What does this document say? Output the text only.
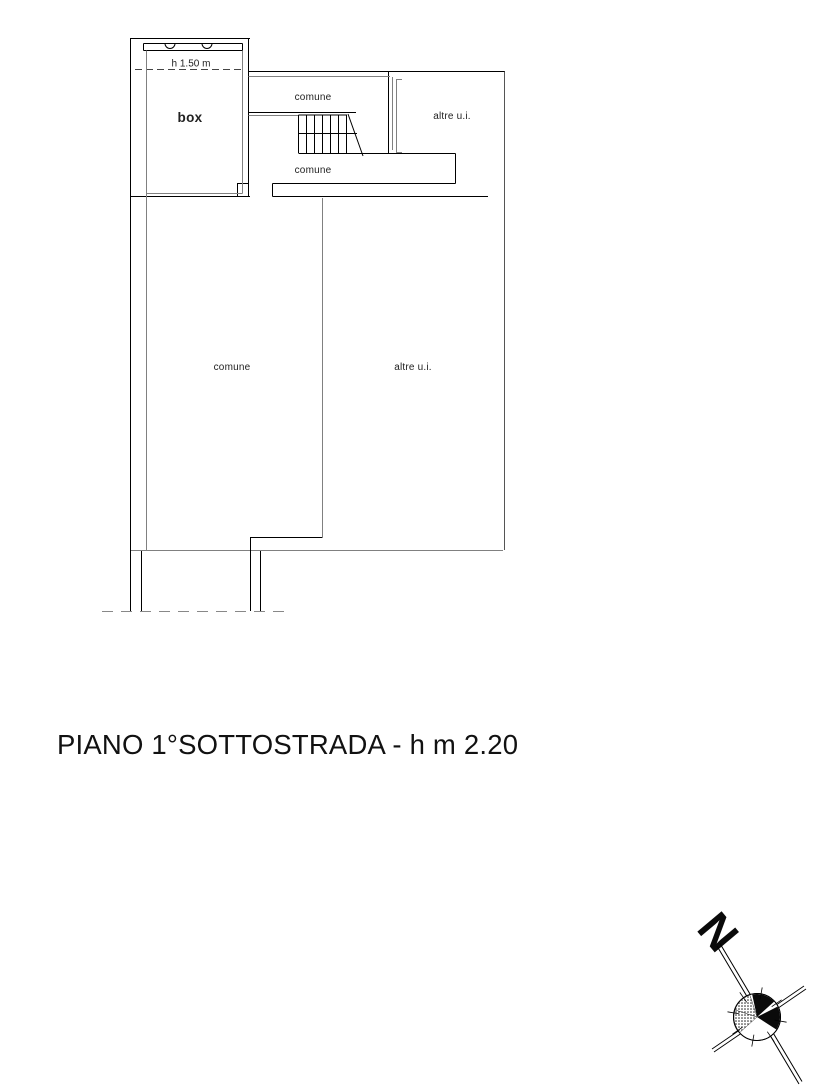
box
h 1.50 m
comune
comune
comune
altre u.i.
altre u.i.
N
PIANO 1°SOTTOSTRADA - h m 2.20
